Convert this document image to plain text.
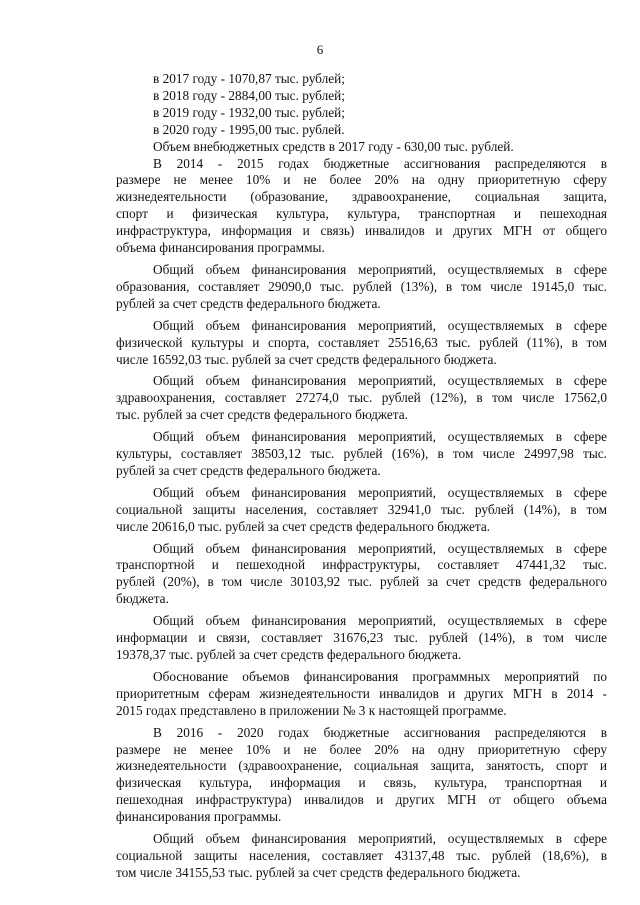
6
в 2017 году - 1070,87 тыс. рублей;
в 2018 году - 2884,00 тыс. рублей;
в 2019 году - 1932,00 тыс. рублей;
в 2020 году - 1995,00 тыс. рублей.
Объем внебюджетных средств в 2017 году - 630,00 тыс. рублей.
В 2014 - 2015 годах бюджетные ассигнования распределяются в
размере не менее 10% и не более 20% на одну приоритетную сферу
жизнедеятельности (образование, здравоохранение, социальная защита,
спорт и физическая культура, культура, транспортная и пешеходная
инфраструктура, информация и связь) инвалидов и других МГН от общего
объема финансирования программы.
Общий объем финансирования мероприятий, осуществляемых в сфере
образования, составляет 29090,0 тыс. рублей (13%), в том числе 19145,0 тыс.
рублей за счет средств федерального бюджета.
Общий объем финансирования мероприятий, осуществляемых в сфере
физической культуры и спорта, составляет 25516,63 тыс. рублей (11%), в том
числе 16592,03 тыс. рублей за счет средств федерального бюджета.
Общий объем финансирования мероприятий, осуществляемых в сфере
здравоохранения, составляет 27274,0 тыс. рублей (12%), в том числе 17562,0
тыс. рублей за счет средств федерального бюджета.
Общий объем финансирования мероприятий, осуществляемых в сфере
культуры, составляет 38503,12 тыс. рублей (16%), в том числе 24997,98 тыс.
рублей за счет средств федерального бюджета.
Общий объем финансирования мероприятий, осуществляемых в сфере
социальной защиты населения, составляет 32941,0 тыс. рублей (14%), в том
числе 20616,0 тыс. рублей за счет средств федерального бюджета.
Общий объем финансирования мероприятий, осуществляемых в сфере
транспортной и пешеходной инфраструктуры, составляет 47441,32 тыс.
рублей (20%), в том числе 30103,92 тыс. рублей за счет средств федерального
бюджета.
Общий объем финансирования мероприятий, осуществляемых в сфере
информации и связи, составляет 31676,23 тыс. рублей (14%), в том числе
19378,37 тыс. рублей за счет средств федерального бюджета.
Обоснование объемов финансирования программных мероприятий по
приоритетным сферам жизнедеятельности инвалидов и других МГН в 2014 -
2015 годах представлено в приложении № 3 к настоящей программе.
В 2016 - 2020 годах бюджетные ассигнования распределяются в
размере не менее 10% и не более 20% на одну приоритетную сферу
жизнедеятельности (здравоохранение, социальная защита, занятость, спорт и
физическая культура, информация и связь, культура, транспортная и
пешеходная инфраструктура) инвалидов и других МГН от общего объема
финансирования программы.
Общий объем финансирования мероприятий, осуществляемых в сфере
социальной защиты населения, составляет 43137,48 тыс. рублей (18,6%), в
том числе 34155,53 тыс. рублей за счет средств федерального бюджета.
